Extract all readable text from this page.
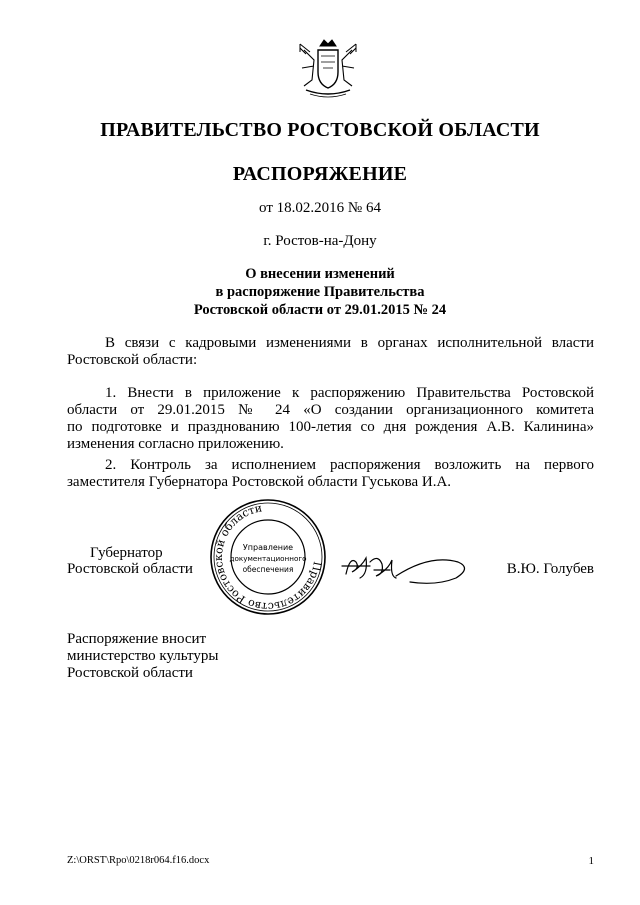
ПРАВИТЕЛЬСТВО РОСТОВСКОЙ ОБЛАСТИ
РАСПОРЯЖЕНИЕ
от 18.02.2016 № 64
г. Ростов-на-Дону
О внесении изменений
в распоряжение Правительства
Ростовской области от 29.01.2015 № 24
В связи с кадровыми изменениями в органах исполнительной власти
Ростовской области:
1. Внести в приложение к распоряжению Правительства Ростовской
области от 29.01.2015 № 24 «О создании организационного комитета
по подготовке и празднованию 100-летия со дня рождения А.В. Калинина»
изменения согласно приложению.
2. Контроль за исполнением распоряжения возложить на первого
заместителя Губернатора Ростовской области Гуськова И.А.
Губернатор
Ростовской области	В.Ю. Голубев
Правительство Ростовской области
Управление
документационного
обеспечения
Распоряжение вносит
министерство культуры
Ростовской области
Z:\ORST\Rpo\0218r064.f16.docx	1
